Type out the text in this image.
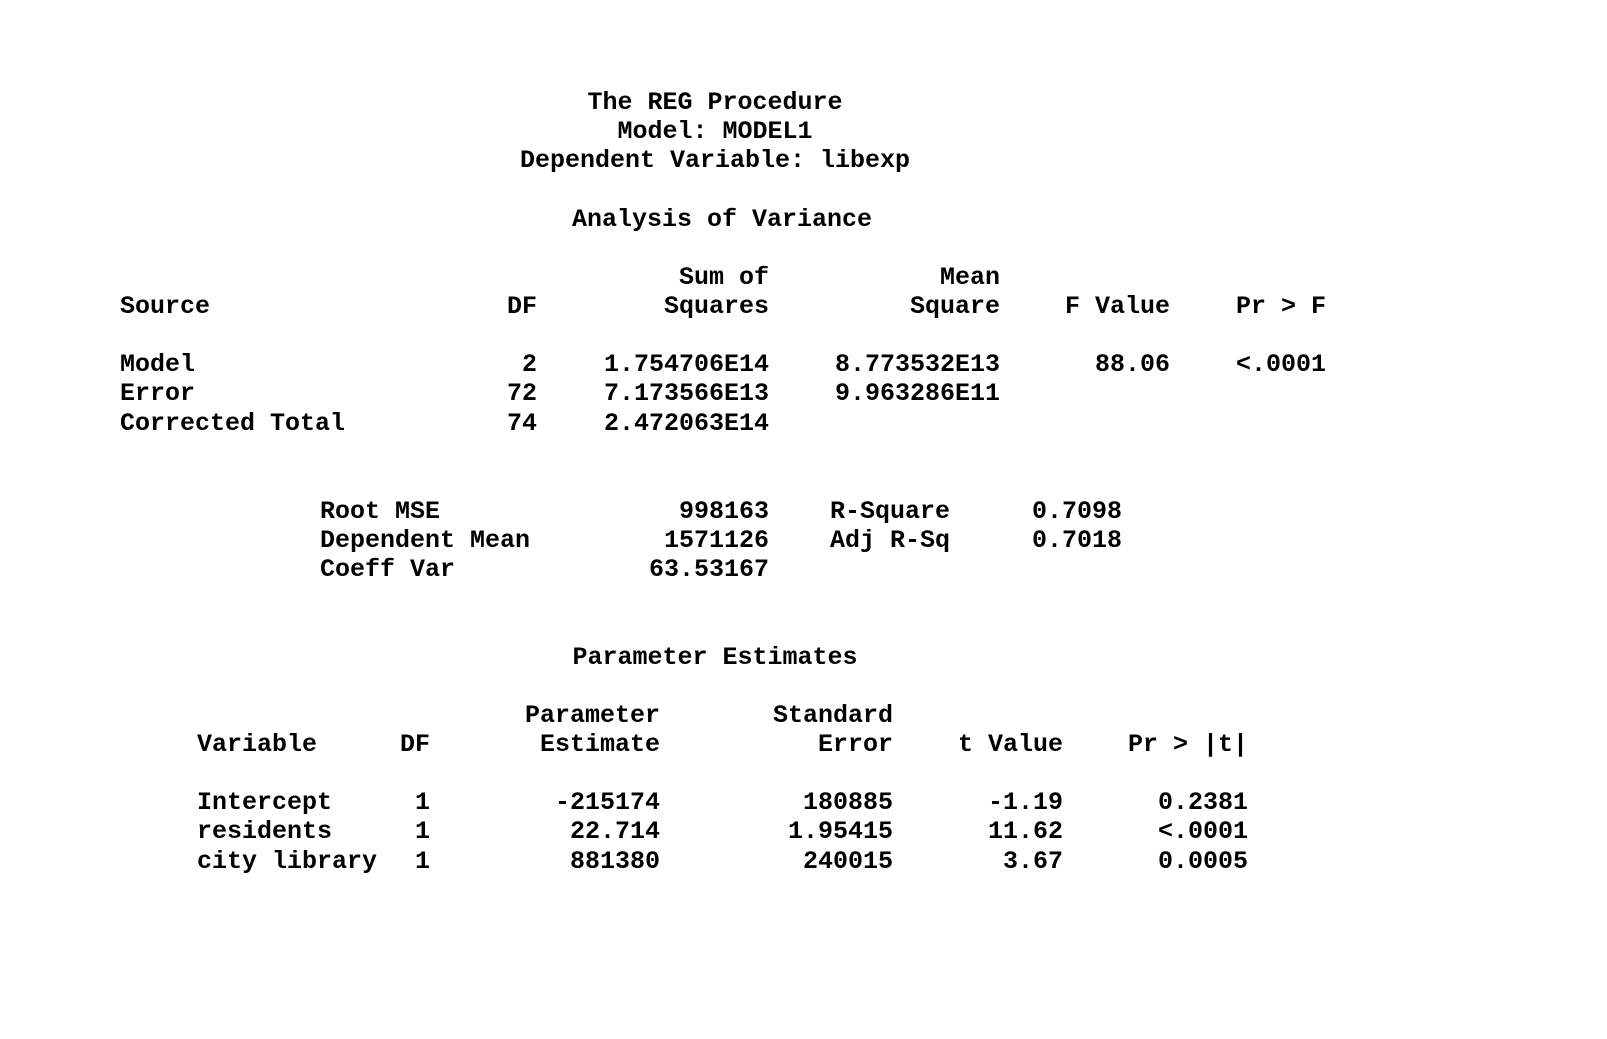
The REG Procedure
Model: MODEL1
Dependent Variable: libexp
Analysis of Variance
Sum of	Mean
Source	DF	Squares	Square	F Value	Pr > F
Model	2	1.754706E14	8.773532E13	88.06	<.0001
Error	72	7.173566E13	9.963286E11
Corrected Total	74	2.472063E14
Root MSE	998163 R-Square	0.7098
Dependent Mean	1571126 Adj R-Sq	0.7018
Coeff Var	63.53167
Parameter Estimates
Parameter	Standard
Variable	DF	Estimate	Error	t Value	Pr > |t|
Intercept	1	-215174	180885	-1.19	0.2381
residents	1	22.714	1.95415	11.62	<.0001
city library	1	881380	240015	3.67	0.0005
